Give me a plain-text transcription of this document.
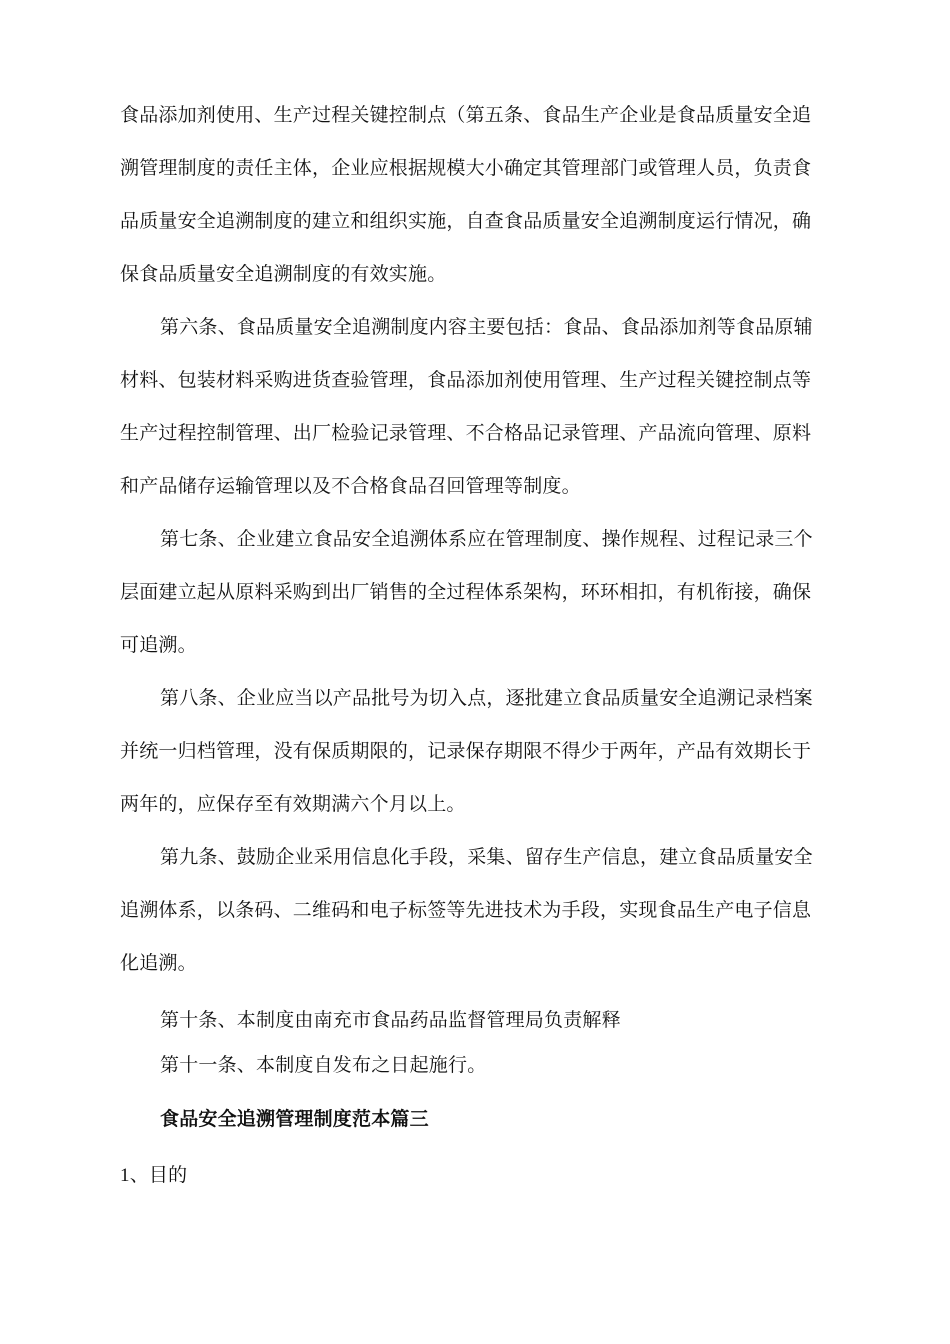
食品添加剂使用、生产过程关键控制点（第五条、食品生产企业是食品质量安全追
溯管理制度的责任主体，企业应根据规模大小确定其管理部门或管理人员，负责食
品质量安全追溯制度的建立和组织实施，自查食品质量安全追溯制度运行情况，确
保食品质量安全追溯制度的有效实施。
第六条、食品质量安全追溯制度内容主要包括：食品、食品添加剂等食品原辅
材料、包装材料采购进货查验管理，食品添加剂使用管理、生产过程关键控制点等
生产过程控制管理、出厂检验记录管理、不合格品记录管理、产品流向管理、原料
和产品储存运输管理以及不合格食品召回管理等制度。
第七条、企业建立食品安全追溯体系应在管理制度、操作规程、过程记录三个
层面建立起从原料采购到出厂销售的全过程体系架构，环环相扣，有机衔接，确保
可追溯。
第八条、企业应当以产品批号为切入点，逐批建立食品质量安全追溯记录档案
并统一归档管理，没有保质期限的，记录保存期限不得少于两年，产品有效期长于
两年的，应保存至有效期满六个月以上。
第九条、鼓励企业采用信息化手段，采集、留存生产信息，建立食品质量安全
追溯体系，以条码、二维码和电子标签等先进技术为手段，实现食品生产电子信息
化追溯。
第十条、本制度由南充市食品药品监督管理局负责解释
第十一条、本制度自发布之日起施行。
食品安全追溯管理制度范本篇三
1、目的
